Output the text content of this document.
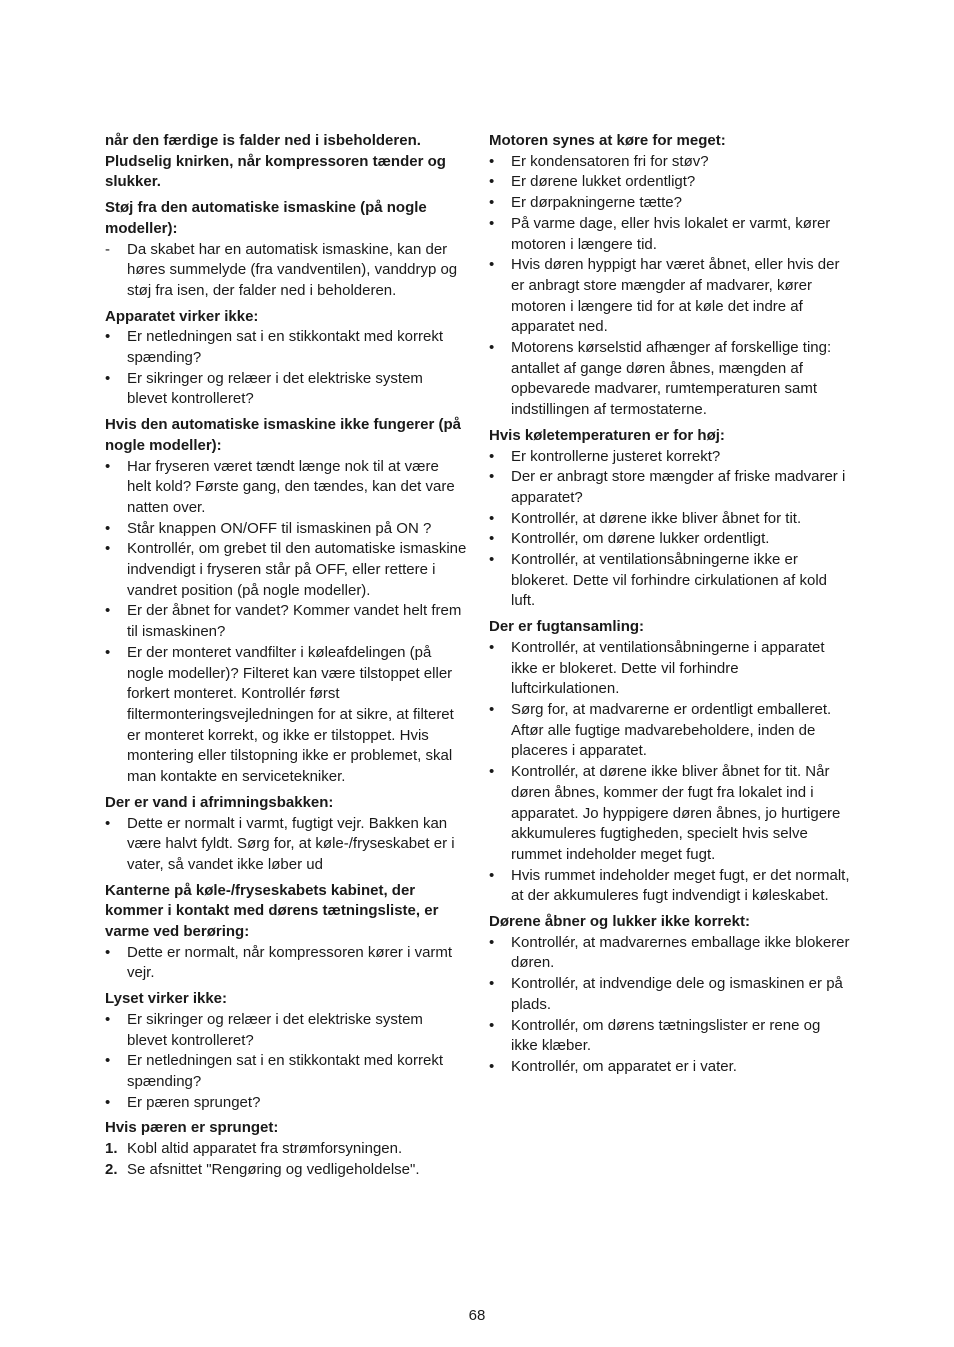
når den færdige is falder ned i isbeholderen. Pludselig knirken, når kompressoren tænder og slukker.

Støj fra den automatiske ismaskine (på nogle modeller):

-	Da skabet har en automatisk ismaskine, kan der høres summelyde (fra vandventilen), vanddryp og støj fra isen, der falder ned i beholderen.

Apparatet virker ikke:

•	Er netledningen sat i en stikkontakt med korrekt spænding?
•	Er sikringer og relæer i det elektriske system blevet kontrolleret?

Hvis den automatiske ismaskine ikke fungerer (på nogle modeller):

•	Har fryseren været tændt længe nok til at være helt kold? Første gang, den tændes, kan det vare natten over.
•	Står knappen ON/OFF til ismaskinen på ON ?
•	Kontrollér, om grebet til den automatiske ismaskine indvendigt i fryseren står på OFF, eller rettere i vandret position (på nogle modeller).
•	Er der åbnet for vandet? Kommer vandet helt frem til ismaskinen?
•	Er der monteret vandfilter i køleafdelingen (på nogle modeller)? Filteret kan være tilstoppet eller forkert monteret. Kontrollér først filtermonteringsvejledningen for at sikre, at filteret er monteret korrekt, og ikke er tilstoppet. Hvis montering eller tilstopning ikke er problemet, skal man kontakte en servicetekniker.

Der er vand i afrimningsbakken:

•	Dette er normalt i varmt, fugtigt vejr. Bakken kan være halvt fyldt. Sørg for, at køle-/fryseskabet er i vater, så vandet ikke løber ud

Kanterne på køle-/fryseskabets kabinet, der kommer i kontakt med dørens tætningsliste, er varme ved berøring:

•	Dette er normalt, når kompressoren kører i varmt vejr.

Lyset virker ikke:

•	Er sikringer og relæer i det elektriske system blevet kontrolleret?
•	Er netledningen sat i en stikkontakt med korrekt spænding?
•	Er pæren sprunget?

Hvis pæren er sprunget:

1. Kobl altid apparatet fra strømforsyningen.
2. Se afsnittet "Rengøring og vedligeholdelse".

Motoren synes at køre for meget:

•	Er kondensatoren fri for støv?
•	Er dørene lukket ordentligt?
•	Er dørpakningerne tætte?
•	På varme dage, eller hvis lokalet er varmt, kører motoren i længere tid.
•	Hvis døren hyppigt har været åbnet, eller hvis der er anbragt store mængder af madvarer, kører motoren i længere tid for at køle det indre af apparatet ned.
•	Motorens kørselstid afhænger af forskellige ting: antallet af gange døren åbnes, mængden af opbevarede madvarer, rumtemperaturen samt indstillingen af termostaterne.

Hvis køletemperaturen er for høj:

•	Er kontrollerne justeret korrekt?
•	Der er anbragt store mængder af friske madvarer i apparatet?
•	Kontrollér, at dørene ikke bliver åbnet for tit.
•	Kontrollér, om dørene lukker ordentligt.
•	Kontrollér, at ventilationsåbningerne ikke er blokeret. Dette vil forhindre cirkulationen af kold luft.

Der er fugtansamling:

•	Kontrollér, at ventilationsåbningerne i apparatet ikke er blokeret. Dette vil forhindre luftcirkulationen.
•	Sørg for, at madvarerne er ordentligt emballeret. Aftør alle fugtige madvarebeholdere, inden de placeres i apparatet.
•	Kontrollér, at dørene ikke bliver åbnet for tit. Når døren åbnes, kommer der fugt fra lokalet ind i apparatet. Jo hyppigere døren åbnes, jo hurtigere akkumuleres fugtigheden, specielt hvis selve rummet indeholder meget fugt.
•	Hvis rummet indeholder meget fugt, er det normalt, at der akkumuleres fugt indvendigt i køleskabet.

Dørene åbner og lukker ikke korrekt:

•	Kontrollér, at madvarernes emballage ikke blokerer døren.
•	Kontrollér, at indvendige dele og ismaskinen er på plads.
•	Kontrollér, om dørens tætningslister er rene og ikke klæber.
•	Kontrollér, om apparatet er i vater.
68
